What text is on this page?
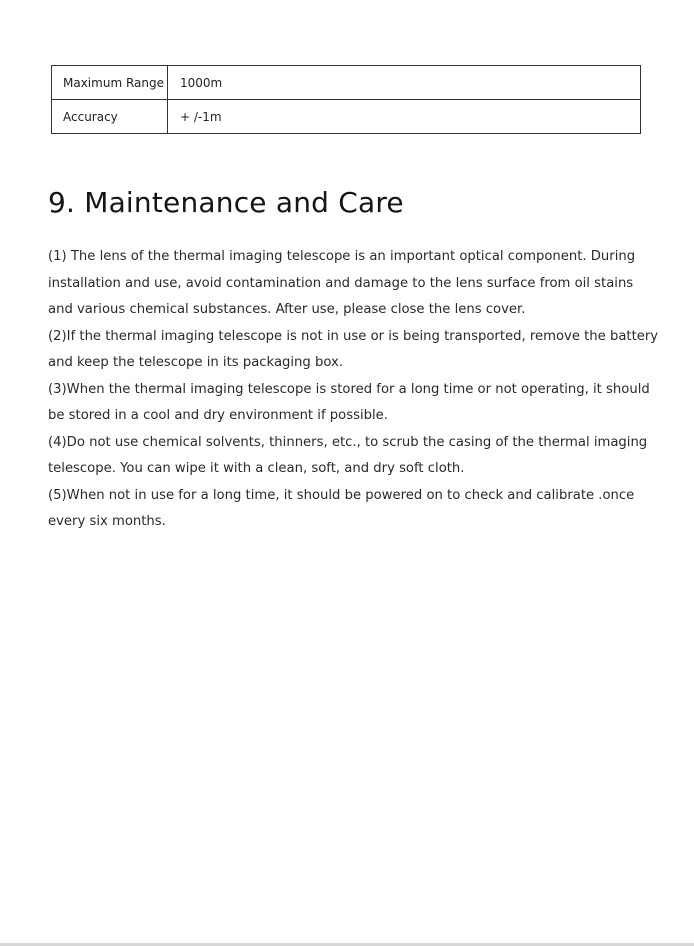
Maximum Range	1000m
Accuracy	+ /-1m
9. Maintenance and Care

(1) The lens of the thermal imaging telescope is an important optical component. During installation and use, avoid contamination and damage to the lens surface from oil stains and various chemical substances. After use, please close the lens cover.

(2)If the thermal imaging telescope is not in use or is being transported, remove the battery and keep the telescope in its packaging box.

(3)When the thermal imaging telescope is stored for a long time or not operating, it should be stored in a cool and dry environment if possible.

(4)Do not use chemical solvents, thinners, etc., to scrub the casing of the thermal imaging telescope. You can wipe it with a clean, soft, and dry soft cloth.

(5)When not in use for a long time, it should be powered on to check and calibrate .once every six months.
